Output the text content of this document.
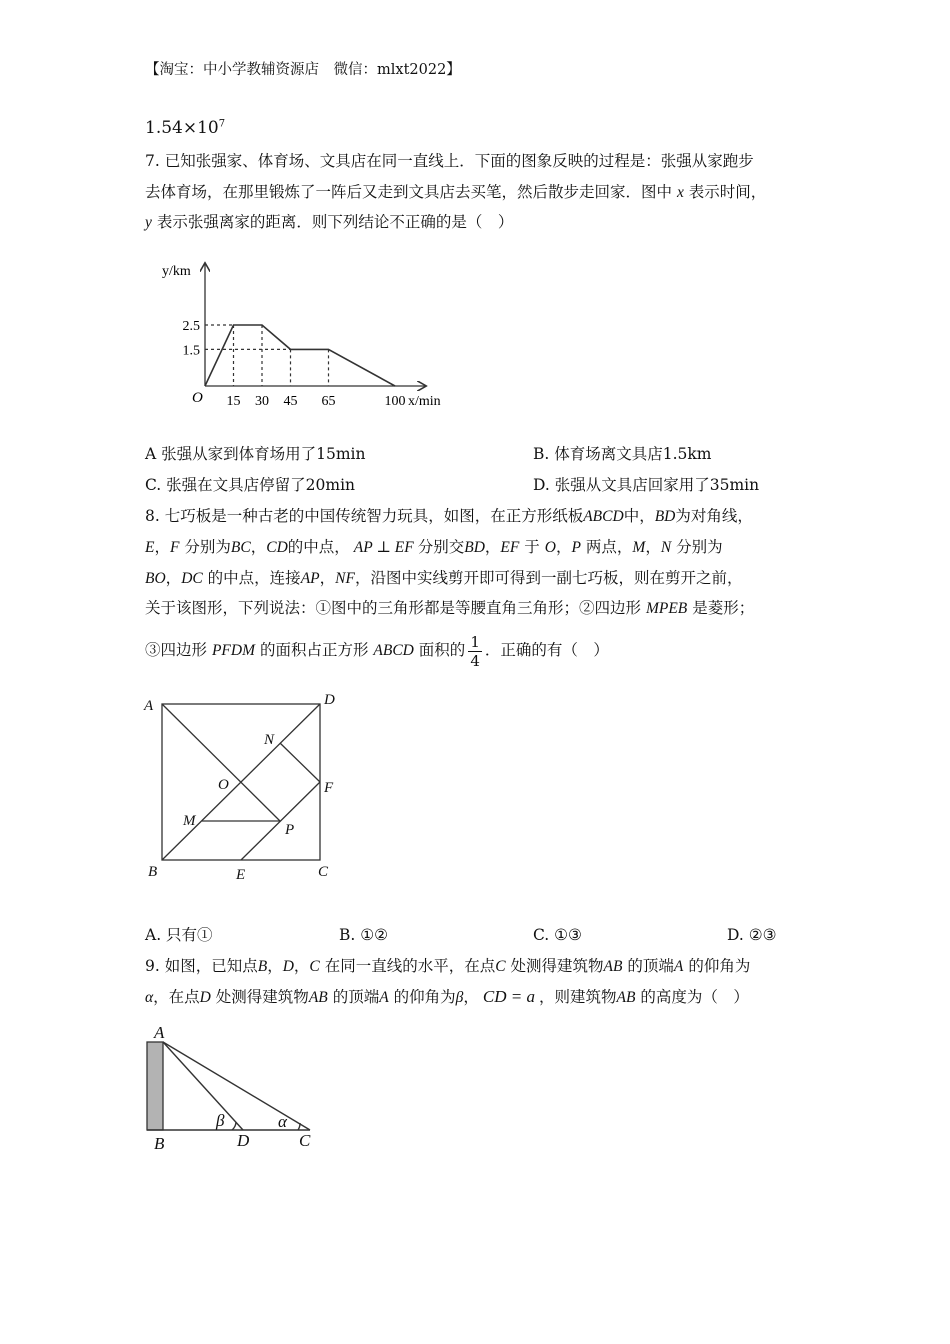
【淘宝：中小学教辅资源店　微信：mlxt2022】
$1.54\times 10^7$
7. 已知张强家、体育场、文具店在同一直线上．下面的图象反映的过程是：张强从家跑步
去体育场，在那里锻炼了一阵后又走到文具店去买笔，然后散步走回家．图中 x 表示时间，
y 表示张强离家的距离．则下列结论不正确的是（　）
15 30 45 65	100
2.5
1.5
O	x/min
y/km
A 张强从家到体育场用了15min	B. 体育场离文具店1.5km
C. 张强在文具店停留了20min	D. 张强从文具店回家用了35min
8. 七巧板是一种古老的中国传统智力玩具，如图，在正方形纸板ABCD中，BD为对角线，
E，F 分别为BC，CD的中点， AP ⊥ EF 分别交BD，EF 于 O，P 两点，M，N 分别为
BO，DC 的中点，连接AP，NF，沿图中实线剪开即可得到一副七巧板，则在剪开之前，
关于该图形，下列说法：①图中的三角形都是等腰直角三角形；②四边形 MPEB 是菱形；
③四边形 PFDM 的面积占正方形 ABCD 面积的 $\frac{1}{4}$ ．正确的有（　）
A	D
N
O	F
M
P
B	E	C
A. 只有①	B. ①②	C. ①③	D. ②③
9. 如图，已知点B，D，C 在同一直线的水平，在点C 处测得建筑物AB 的顶端A 的仰角为
α，在点D 处测得建筑物AB 的顶端A 的仰角为β， CD = a ，则建筑物AB 的高度为（　）
A
B	D	C
β	α
